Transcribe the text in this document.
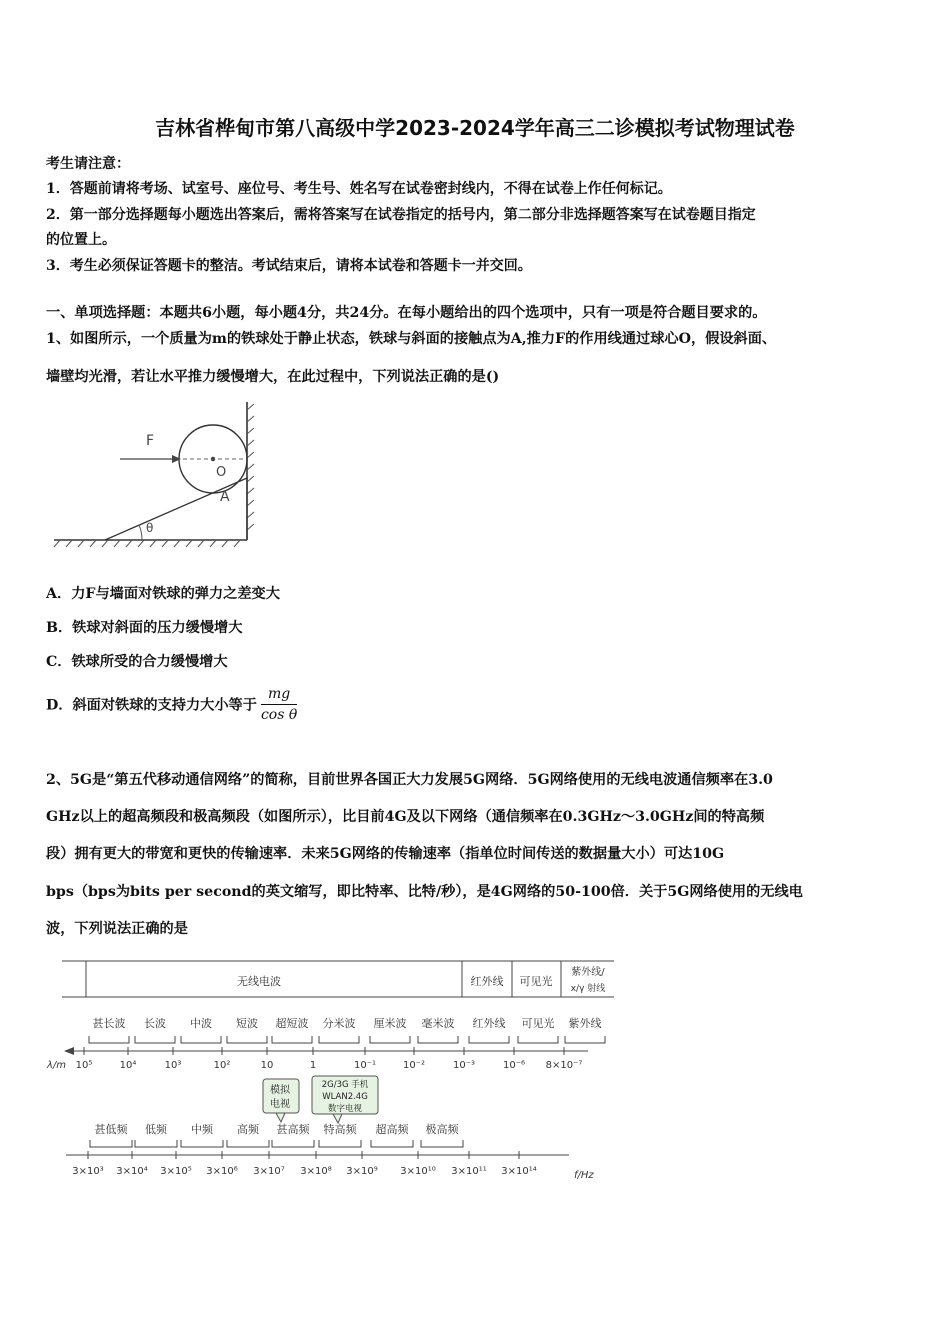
吉林省桦甸市第八高级中学2023-2024学年高三二诊模拟考试物理试卷
考生请注意：
1．答题前请将考场、试室号、座位号、考生号、姓名写在试卷密封线内，不得在试卷上作任何标记。
2．第一部分选择题每小题选出答案后，需将答案写在试卷指定的括号内，第二部分非选择题答案写在试卷题目指定
的位置上。
3．考生必须保证答题卡的整洁。考试结束后，请将本试卷和答题卡一并交回。
一、单项选择题：本题共6小题，每小题4分，共24分。在每小题给出的四个选项中，只有一项是符合题目要求的。
1、如图所示，一个质量为m的铁球处于静止状态，铁球与斜面的接触点为A,推力F的作用线通过球心O，假设斜面、
墙壁均光滑，若让水平推力缓慢增大，在此过程中，下列说法正确的是()
θ
F
O
A
A．力F与墙面对铁球的弹力之差变大
B．铁球对斜面的压力缓慢增大
C．铁球所受的合力缓慢增大
D．斜面对铁球的支持力大小等于 $\frac{mg}{\text{cos θ}}$
2、5G是“第五代移动通信网络”的简称，目前世界各国正大力发展5G网络．5G网络使用的无线电波通信频率在3.0
GHz以上的超高频段和极高频段（如图所示），比目前4G及以下网络（通信频率在0.3GHz～3.0GHz间的特高频
段）拥有更大的带宽和更快的传输速率．未来5G网络的传输速率（指单位时间传送的数据量大小）可达10G
bps（bps为bits per second的英文缩写，即比特率、比特/秒），是4G网络的50-100倍．关于5G网络使用的无线电
波，下列说法正确的是
无线电波	红外线 可见光
紫外线/
x/γ 射线
甚长波 长波 中波 短波 超短波 分米波 厘米波 毫米波 红外线 可见光 紫外线
λ/m 10⁵	10⁴	10³	10²	10	1	10⁻¹	10⁻²	10⁻³	10⁻⁶ 8×10⁻⁷
模拟
电视
2G/3G 手机
WLAN2.4G
数字电视
甚低频 低频 中频 高频 甚高频 特高频 超高频 极高频
3×10³ 3×10⁴ 3×10⁵ 3×10⁶ 3×10⁷ 3×10⁸ 3×10⁹ 3×10¹⁰ 3×10¹¹ 3×10¹⁴	f/Hz
